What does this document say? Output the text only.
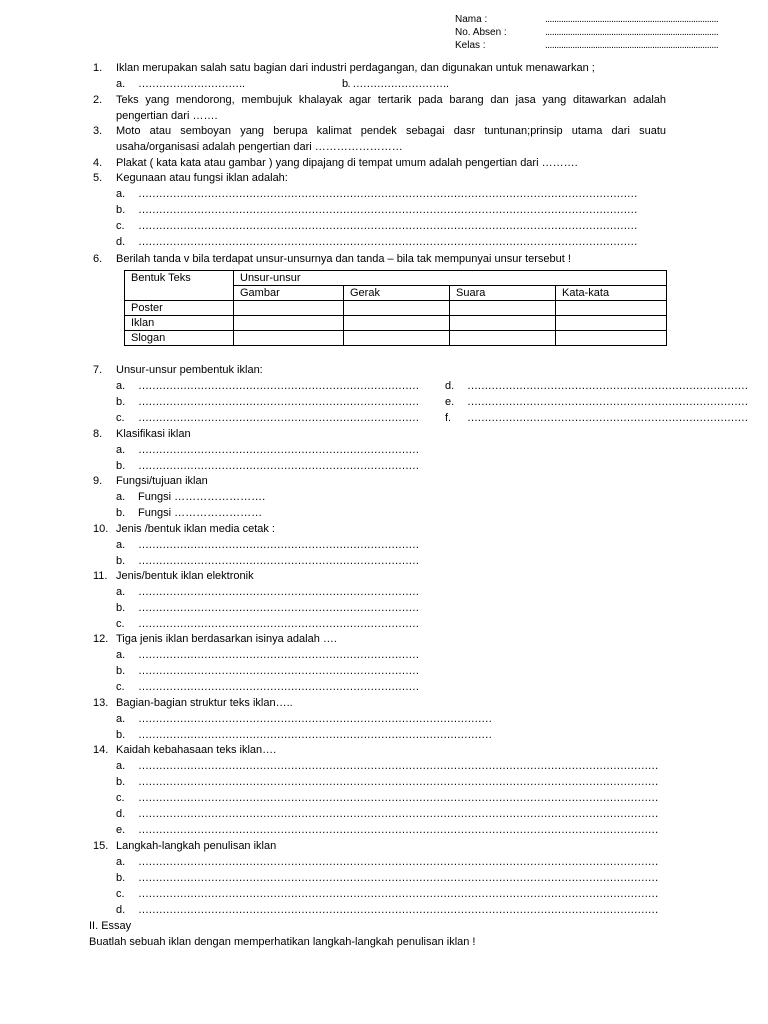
Nama :	............................................................................
No. Absen :	............................................................................
Kelas :	............................................................................
1. Iklan merupakan salah satu bagian dari industri perdagangan, dan digunakan untuk menawarkan ;
a. ………………………….	b. ……………………….
2.	Teks yang mendorong, membujuk khalayak agar tertarik pada barang dan jasa yang ditawarkan adalah
pengertian dari …….
3.	Moto atau semboyan yang berupa kalimat pendek sebagai dasr tuntunan;prinsip utama dari suatu
usaha/organisasi adalah pengertian dari ……………………
4. Plakat ( kata kata atau gambar ) yang dipajang di tempat umum adalah pengertian dari ……….
5. Kegunaan atau fungsi iklan adalah:
a. ………………………………………………………………………………………………………………………………
b. ………………………………………………………………………………………………………………………………
c. ………………………………………………………………………………………………………………………………
d. ………………………………………………………………………………………………………………………………
6. Berilah tanda v bila terdapat unsur-unsurnya dan tanda – bila tak mempunyai unsur tersebut !
Bentuk Teks	Unsur-unsur			
	Gambar	Gerak	Suara	Kata-kata
Poster				
Iklan				
Slogan				
7. Unsur-unsur pembentuk iklan:
a. ………………………………………………………………………
b. ………………………………………………………………………
c. ………………………………………………………………………
d. ………………………………………………………………………
e. ………………………………………………………………………
f. ………………………………………………………………………
8. Klasifikasi iklan
a. ………………………………………………………………………
b. ………………………………………………………………………
9. Fungsi/tujuan iklan
a. Fungsi …………………….
b. Fungsi ……………………
10. Jenis /bentuk iklan media cetak :
a. ………………………………………………………………………
b. ………………………………………………………………………
11. Jenis/bentuk iklan elektronik
a. ………………………………………………………………………
b. ………………………………………………………………………
c. ………………………………………………………………………
12. Tiga jenis iklan berdasarkan isinya adalah ….
a. ………………………………………………………………………
b. ………………………………………………………………………
c. ………………………………………………………………………
13. Bagian-bagian struktur teks iklan…..
a. …………………………………………………………………………………………
b. …………………………………………………………………………………………
14. Kaidah kebahasaan teks iklan….
a. ……………………………………………………………………………………………………………………………………
b. ……………………………………………………………………………………………………………………………………
c. ……………………………………………………………………………………………………………………………………
d. ……………………………………………………………………………………………………………………………………
e. ……………………………………………………………………………………………………………………………………
15. Langkah-langkah penulisan iklan
a. ……………………………………………………………………………………………………………………………………
b. ……………………………………………………………………………………………………………………………………
c. ……………………………………………………………………………………………………………………………………
d. ……………………………………………………………………………………………………………………………………
II. Essay
Buatlah sebuah iklan dengan memperhatikan langkah-langkah penulisan iklan !
